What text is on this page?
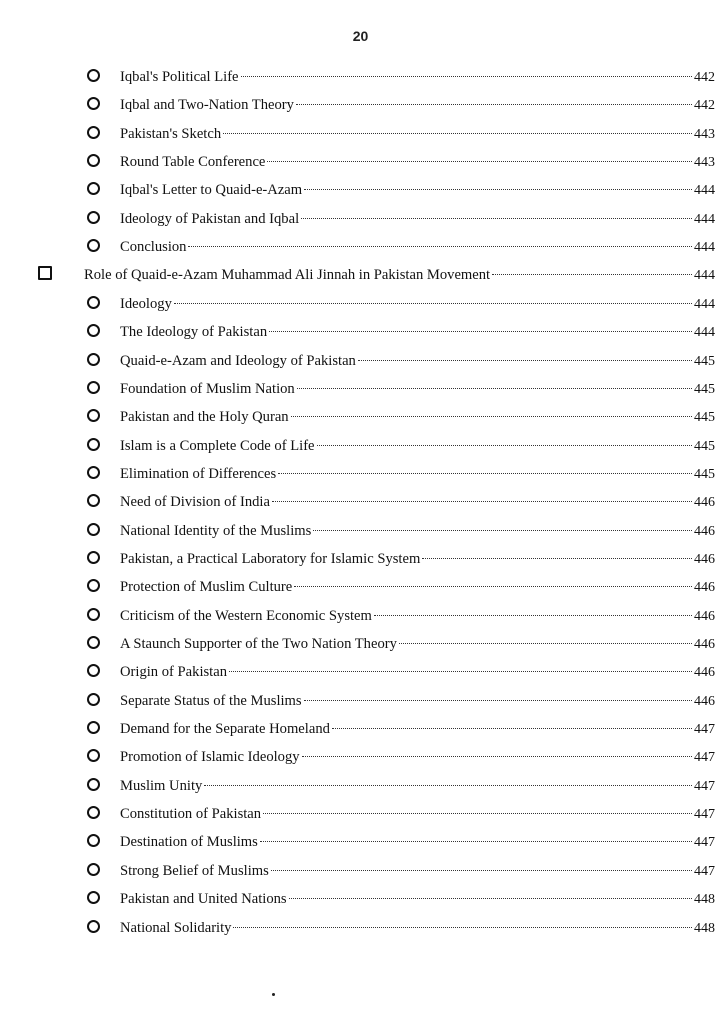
20
Iqbal's Political Life	442
Iqbal and Two-Nation Theory	442
Pakistan's Sketch	443
Round Table Conference	443
Iqbal's Letter to Quaid-e-Azam	444
Ideology of Pakistan and Iqbal	444
Conclusion	444
Role of Quaid-e-Azam Muhammad Ali Jinnah in Pakistan Movement	444
Ideology	444
The Ideology of Pakistan	444
Quaid-e-Azam and Ideology of Pakistan	445
Foundation of Muslim Nation	445
Pakistan and the Holy Quran	445
Islam is a Complete Code of Life	445
Elimination of Differences	445
Need of Division of India	446
National Identity of the Muslims	446
Pakistan, a Practical Laboratory for Islamic System	446
Protection of Muslim Culture	446
Criticism of the Western Economic System	446
A Staunch Supporter of the Two Nation Theory	446
Origin of Pakistan	446
Separate Status of the Muslims	446
Demand for the Separate Homeland	447
Promotion of Islamic Ideology	447
Muslim Unity	447
Constitution of Pakistan	447
Destination of Muslims	447
Strong Belief of Muslims	447
Pakistan and United Nations	448
National Solidarity	448
